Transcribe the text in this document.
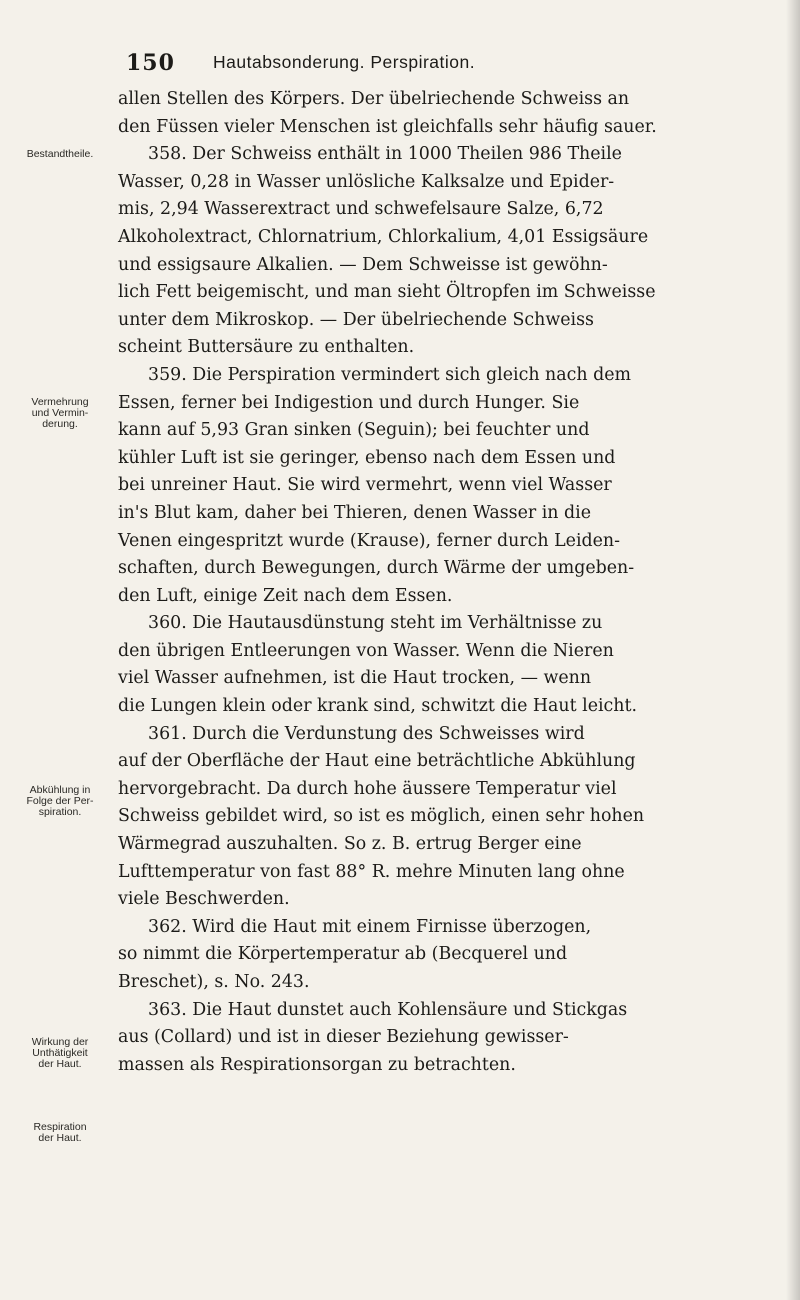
150 Hautabsonderung. Perspiration.
Bestandtheile.
Vermehrung
und Vermin-
derung.
Abkühlung in
Folge der Per-
spiration.
Wirkung der
Unthätigkeit
der Haut.
Respiration
der Haut.
allen Stellen des Körpers. Der übelriechende Schweiss an
den Füssen vieler Menschen ist gleichfalls sehr häufig sauer.
358. Der Schweiss enthält in 1000 Theilen 986 Theile
Wasser, 0,28 in Wasser unlösliche Kalksalze und Epider-
mis, 2,94 Wasserextract und schwefelsaure Salze, 6,72
Alkoholextract, Chlornatrium, Chlorkalium, 4,01 Essigsäure
und essigsaure Alkalien. — Dem Schweisse ist gewöhn-
lich Fett beigemischt, und man sieht Öltropfen im Schweisse
unter dem Mikroskop. — Der übelriechende Schweiss
scheint Buttersäure zu enthalten.
359. Die Perspiration vermindert sich gleich nach dem
Essen, ferner bei Indigestion und durch Hunger. Sie
kann auf 5,93 Gran sinken (Seguin); bei feuchter und
kühler Luft ist sie geringer, ebenso nach dem Essen und
bei unreiner Haut. Sie wird vermehrt, wenn viel Wasser
in's Blut kam, daher bei Thieren, denen Wasser in die
Venen eingespritzt wurde (Krause), ferner durch Leiden-
schaften, durch Bewegungen, durch Wärme der umgeben-
den Luft, einige Zeit nach dem Essen.
360. Die Hautausdünstung steht im Verhältnisse zu
den übrigen Entleerungen von Wasser. Wenn die Nieren
viel Wasser aufnehmen, ist die Haut trocken, — wenn
die Lungen klein oder krank sind, schwitzt die Haut leicht.
361. Durch die Verdunstung des Schweisses wird
auf der Oberfläche der Haut eine beträchtliche Abkühlung
hervorgebracht. Da durch hohe äussere Temperatur viel
Schweiss gebildet wird, so ist es möglich, einen sehr hohen
Wärmegrad auszuhalten. So z. B. ertrug Berger eine
Lufttemperatur von fast 88° R. mehre Minuten lang ohne
viele Beschwerden.
362. Wird die Haut mit einem Firnisse überzogen,
so nimmt die Körpertemperatur ab (Becquerel und
Breschet), s. No. 243.
363. Die Haut dunstet auch Kohlensäure und Stickgas
aus (Collard) und ist in dieser Beziehung gewisser-
massen als Respirationsorgan zu betrachten.
